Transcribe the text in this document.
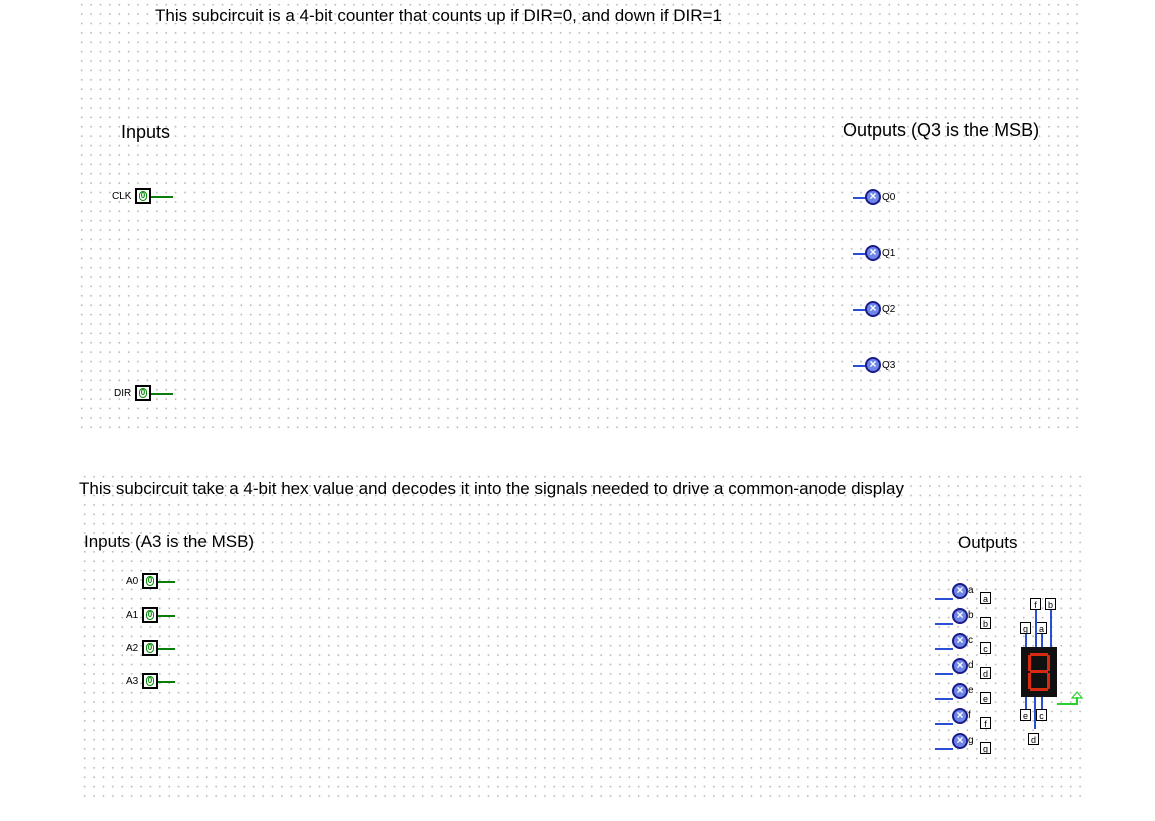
This subcircuit is a 4-bit counter that counts up if DIR=0, and down if DIR=1
Inputs	Outputs (Q3 is the MSB)
CLK 0
DIR 0
×
Q0
×
Q1
×
Q2
×
Q3
This subcircuit take a 4-bit hex value and decodes it into the signals needed to drive a common-anode display
Inputs (A3 is the MSB)	Outputs
A0 0
A1 0
A2 0
A3 0
×
a
a
×
b
b
×
c
c
×
d
d
×
e
e
×
f
f
×
g
g
f	b
g	a
e	c
d
